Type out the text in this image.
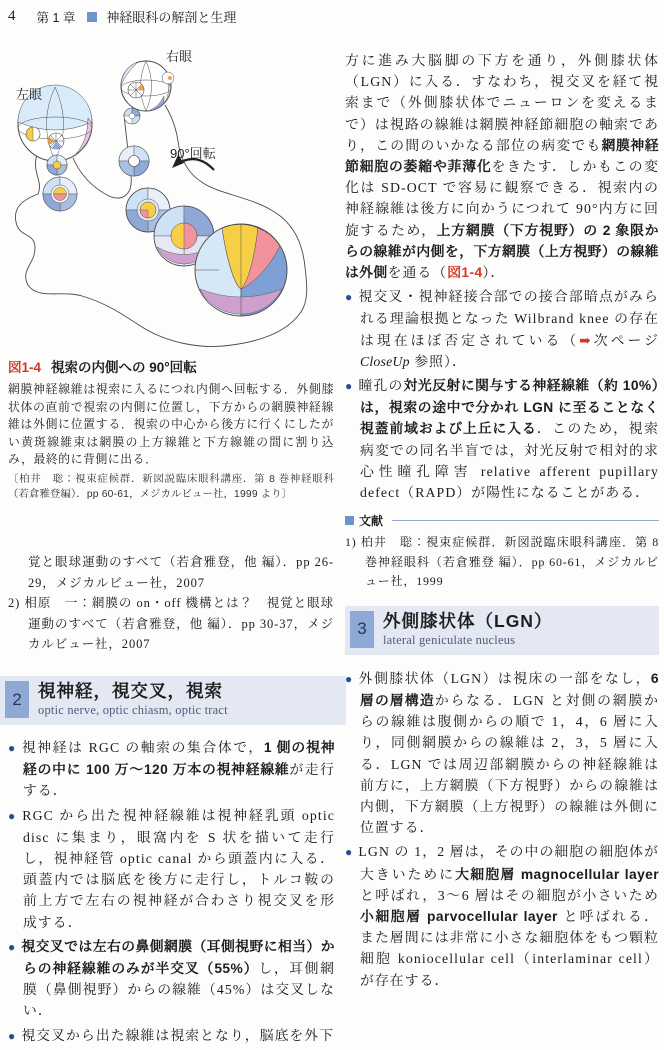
4 第 1 章 神経眼科の解剖と生理
右眼
左眼
90°回転
図1-4 視索の内側への 90°回転
網膜神経線維は視索に入るにつれ内側へ回転する．外側膝状体の直前で視索の内側に位置し，下方からの網膜神経線維は外側に位置する．視索の中心から後方に行くにしたがい黄斑線維束は網膜の上方線維と下方線維の間に割り込み，最終的に背側に出る．
〔柏井　聡：視束症候群．新図説臨床眼科講座．第 8 巻神経眼科（若倉雅登編）．pp 60-61，メジカルビュー社，1999 より〕
覚と眼球運動のすべて（若倉雅登，他 編）．pp 26-29，メジカルビュー社，2007
2) 相原　一：網膜の on・off 機構とは？　視覚と眼球運動のすべて（若倉雅登，他 編）．pp 30-37，メジカルビュー社，2007
2 視神経，視交叉，視索
optic nerve, optic chiasm, optic tract
● 視神経は RGC の軸索の集合体で，1 側の視神経の中に 100 万〜120 万本の視神経線維が走行する．
● RGC から出た視神経線維は視神経乳頭 optic disc に集まり，眼窩内を S 状を描いて走行し，視神経管 optic canal から頭蓋内に入る．頭蓋内では脳底を後方に走行し，トルコ鞍の前上方で左右の視神経が合わさり視交叉を形成する．
● 視交叉では左右の鼻側網膜（耳側視野に相当）からの神経線維のみが半交叉（55%）し，耳側網膜（鼻側視野）からの線維（45%）は交叉しない．
● 視交叉から出た線維は視索となり，脳底を外下
方に進み大脳脚の下方を通り，外側膝状体（LGN）に入る．すなわち，視交叉を経て視索まで（外側膝状体でニューロンを変えるまで）は視路の線維は網膜神経節細胞の軸索であり，この間のいかなる部位の病変でも網膜神経節細胞の萎縮や菲薄化をきたす．しかもこの変化は SD-OCT で容易に観察できる．視索内の神経線維は後方に向かうにつれて 90°内方に回旋するため，上方網膜（下方視野）の 2 象限からの線維が内側を，下方網膜（上方視野）の線維は外側を通る（図1-4）．
● 視交叉・視神経接合部での接合部暗点がみられる理論根拠となった Wilbrand knee の存在は現在ほぼ否定されている（➡次ページ CloseUp 参照）．
● 瞳孔の対光反射に関与する神経線維（約 10%）は，視索の途中で分かれ LGN に至ることなく視蓋前域および上丘に入る．このため，視索病変での同名半盲では，対光反射で相対的求心性瞳孔障害 relative afferent pupillary defect（RAPD）が陽性になることがある．
文献
1) 柏井　聡：視束症候群．新図説臨床眼科講座．第 8 巻神経眼科（若倉雅登 編）．pp 60-61，メジカルビュー社，1999
3 外側膝状体（LGN）
lateral geniculate nucleus
● 外側膝状体（LGN）は視床の一部をなし，6 層の層構造からなる．LGN と対側の網膜からの線維は腹側からの順で 1，4，6 層に入り，同側網膜からの線維は 2，3，5 層に入る．LGN では周辺部網膜からの神経線維は前方に，上方網膜（下方視野）からの線維は内側，下方網膜（上方視野）の線維は外側に位置する．
● LGN の 1，2 層は，その中の細胞の細胞体が大きいために大細胞層 magnocellular layer と呼ばれ，3〜6 層はその細胞が小さいため小細胞層 parvocellular layer と呼ばれる．また層間には非常に小さな細胞体をもつ顆粒細胞 koniocellular cell（interlaminar cell）が存在する．
